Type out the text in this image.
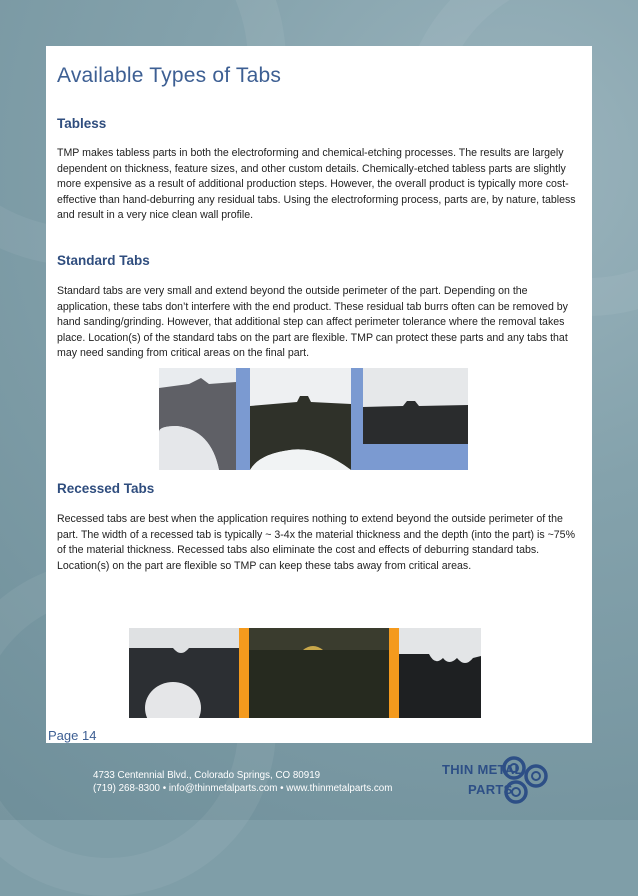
Available Types of Tabs
Tabless
TMP makes tabless parts in both the electroforming and chemical-etching processes. The results are largely dependent on thickness, feature sizes, and other custom details. Chemically-etched tabless parts are slightly more expensive as a result of additional production steps. However, the overall product is typically more cost-effective than hand-deburring any residual tabs. Using the electroforming process, parts are, by nature, tabless and result in a very nice clean wall profile.
Standard Tabs
Standard tabs are very small and extend beyond the outside perimeter of the part. Depending on the application, these tabs don’t interfere with the end product. These residual tab burrs often can be removed by hand sanding/grinding. However, that additional step can affect perimeter tolerance where the removal takes place. Location(s) of the standard tabs on the part are flexible. TMP can protect these parts and any tabs that may need sanding from critical areas on the final part.
Recessed Tabs
Recessed tabs are best when the application requires nothing to extend beyond the outside perimeter of the part. The width of a recessed tab is typically ~ 3-4x the material thickness and the depth (into the part) is ~75% of the material thickness. Recessed tabs also eliminate the cost and effects of deburring standard tabs. Location(s) on the part are flexible so TMP can keep these tabs away from critical areas.
Page 14
4733 Centennial Blvd., Colorado Springs, CO 80919
(719) 268-8300 • info@thinmetalparts.com • www.thinmetalparts.com
THIN METAL
PARTS
